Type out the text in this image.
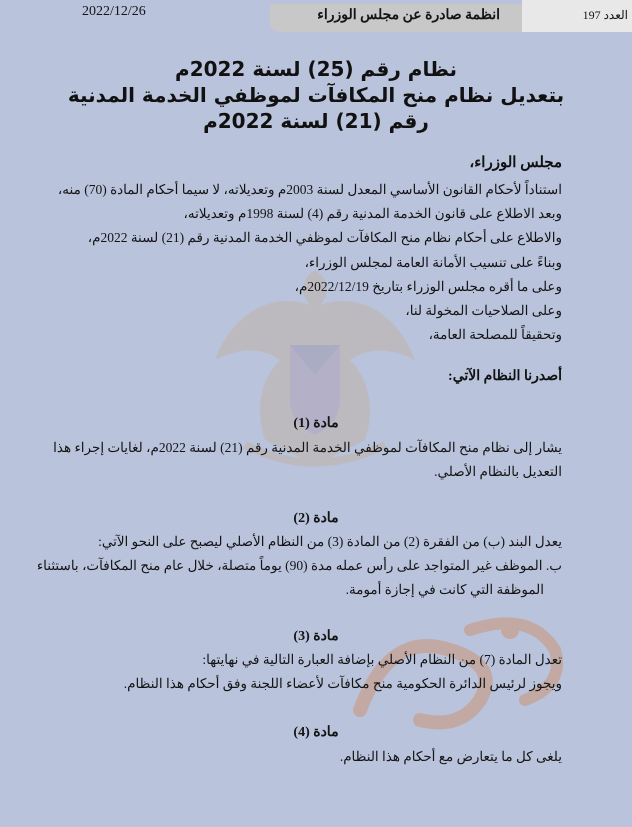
2022/12/26	العدد 197
انظمة صادرة عن مجلس الوزراء
نظام رقم (25) لسنة 2022م
بتعديل نظام منح المكافآت لموظفي الخدمة المدنية
رقم (21) لسنة 2022م
مجلس الوزراء،
استناداً لأحكام القانون الأساسي المعدل لسنة 2003م وتعديلاته، لا سيما أحكام المادة (70) منه،
وبعد الاطلاع على قانون الخدمة المدنية رقم (4) لسنة 1998م وتعديلاته،
والاطلاع على أحكام نظام منح المكافآت لموظفي الخدمة المدنية رقم (21) لسنة 2022م،
وبناءً على تنسيب الأمانة العامة لمجلس الوزراء،
وعلى ما أقره مجلس الوزراء بتاريخ 2022/12/19م،
وعلى الصلاحيات المخولة لنا،
وتحقيقاً للمصلحة العامة،
أصدرنا النظام الآتي:
مادة (1)
يشار إلى نظام منح المكافآت لموظفي الخدمة المدنية رقم (21) لسنة 2022م، لغايات إجراء هذا
التعديل بالنظام الأصلي.
مادة (2)
يعدل البند (ب) من الفقرة (2) من المادة (3) من النظام الأصلي ليصبح على النحو الآتي:
ب. الموظف غير المتواجد على رأس عمله مدة (90) يوماً متصلة، خلال عام منح المكافآت، باستثناء
الموظفة التي كانت في إجازة أمومة.
مادة (3)
تعدل المادة (7) من النظام الأصلي بإضافة العبارة التالية في نهايتها:
ويجوز لرئيس الدائرة الحكومية منح مكافآت لأعضاء اللجنة وفق أحكام هذا النظام.
مادة (4)
يلغى كل ما يتعارض مع أحكام هذا النظام.
